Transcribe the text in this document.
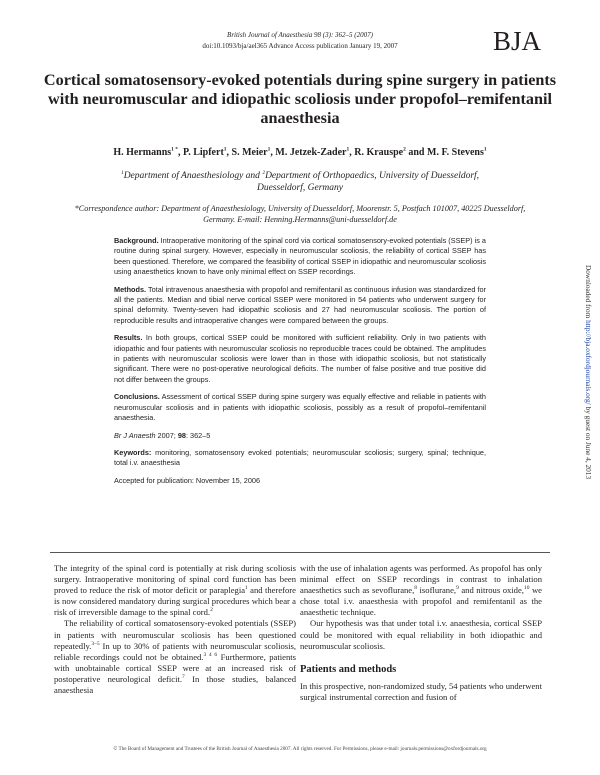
British Journal of Anaesthesia 98 (3): 362–5 (2007)
doi:10.1093/bja/ael365 Advance Access publication January 19, 2007	BJA
Cortical somatosensory-evoked potentials during spine surgery in patients with neuromuscular and idiopathic scoliosis under propofol–remifentanil anaesthesia
H. Hermanns$^{1 *}$, P. Lipfert$^1$, S. Meier$^1$, M. Jetzek-Zader$^1$, R. Krauspe$^2$ and M. F. Stevens$^1$
$^1$Department of Anaesthesiology and $^2$Department of Orthopaedics, University of Duesseldorf,
Duesseldorf, Germany
*Correspondence author: Department of Anaesthesiology, University of Duesseldorf, Moorenstr. 5, Postfach 101007, 40225 Duesseldorf, Germany. E-mail: Henning.Hermanns@uni-duesseldorf.de

Background. Intraoperative monitoring of the spinal cord via cortical somatosensory-evoked potentials (SSEP) is a routine during spinal surgery. However, especially in neuromuscular scoliosis, the reliability of cortical SSEP has been questioned. Therefore, we compared the feasibility of cortical SSEP in idiopathic and neuromuscular scoliosis using anaesthetics known to have only minimal effect on SSEP recordings.

Methods. Total intravenous anaesthesia with propofol and remifentanil as continuous infusion was standardized for all the patients. Median and tibial nerve cortical SSEP were monitored in 54 patients who underwent surgery for spinal deformity. Twenty-seven had idiopathic scoliosis and 27 had neuromuscular scoliosis. The portion of reproducible results and intraoperative changes were compared between the groups.

Results. In both groups, cortical SSEP could be monitored with sufficient reliability. Only in two patients with idiopathic and four patients with neuromuscular scoliosis no reproducible traces could be obtained. The amplitudes in patients with neuromuscular scoliosis were lower than in those with idiopathic scoliosis, but not statistically significant. There were no post-operative neurological deficits. The number of false positive and true positive did not differ between the groups.

Conclusions. Assessment of cortical SSEP during spine surgery was equally effective and reliable in patients with neuromuscular scoliosis and in patients with idiopathic scoliosis, possibly as a result of propofol–remifentanil anaesthesia.

Br J Anaesth 2007; 98: 362–5

Keywords: monitoring, somatosensory evoked potentials; neuromuscular scoliosis; surgery, spinal; technique, total i.v. anaesthesia

Accepted for publication: November 15, 2006

The integrity of the spinal cord is potentially at risk during scoliosis surgery. Intraoperative monitoring of spinal cord function has been proved to reduce the risk of motor deficit or paraplegia$^1$ and therefore is now considered mandatory during surgical procedures which bear a risk of irreversible damage to the spinal cord.$^2$

The reliability of cortical somatosensory-evoked potentials (SSEP) in patients with neuromuscular scoliosis has been questioned repeatedly.$^{3-5}$ In up to 30% of patients with neuromuscular scoliosis, reliable recordings could not be obtained.$^{3 4 6}$ Furthermore, patients with unobtainable cortical SSEP were at an increased risk of postoperative neurological deficit.$^7$ In those studies, balanced anaesthesia

with the use of inhalation agents was performed. As propofol has only minimal effect on SSEP recordings in contrast to inhalation anaesthetics such as sevoflurane,$^8$ isoflurane,$^9$ and nitrous oxide,$^{10}$ we chose total i.v. anaesthesia with propofol and remifentanil as the anaesthetic technique.

Our hypothesis was that under total i.v. anaesthesia, cortical SSEP could be monitored with equal reliability in both idiopathic and neuromuscular scoliosis.

Patients and methods

In this prospective, non-randomized study, 54 patients who underwent surgical instrumental correction and fusion of

© The Board of Management and Trustees of the British Journal of Anaesthesia 2007. All rights reserved. For Permissions, please e-mail: journals.permissions@oxfordjournals.org
Downloaded from http://bja.oxfordjournals.org/ by guest on June 4, 2013
